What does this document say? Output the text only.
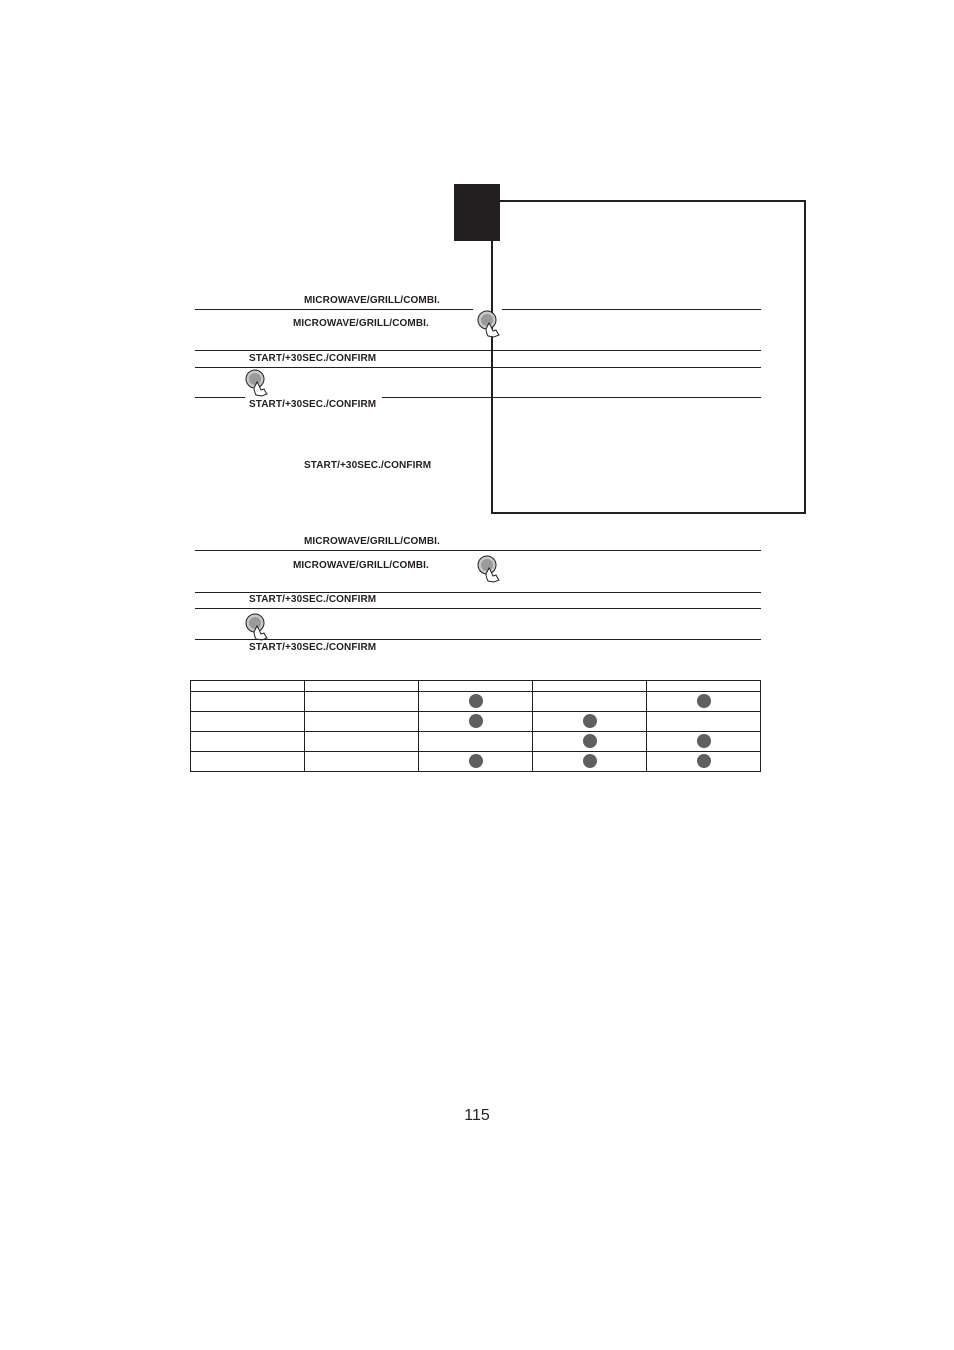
MICROWAVE/GRILL/COMBI.
MICROWAVE/GRILL/COMBI.
START/+30SEC./CONFIRM
START/+30SEC./CONFIRM
START/+30SEC./CONFIRM
MICROWAVE/GRILL/COMBI.
MICROWAVE/GRILL/COMBI.
START/+30SEC./CONFIRM
START/+30SEC./CONFIRM

115
